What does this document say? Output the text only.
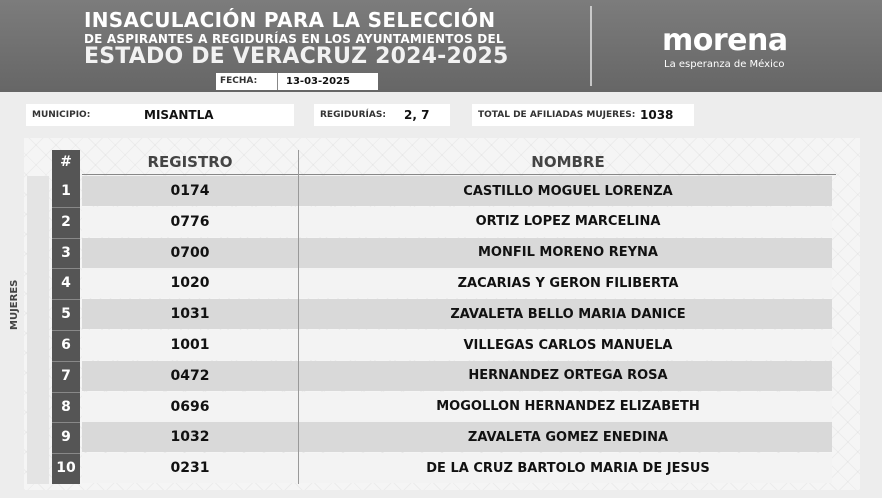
INSACULACIÓN PARA LA SELECCIÓN
DE ASPIRANTES A REGIDURÍAS EN LOS AYUNTAMIENTOS DEL
ESTADO DE VERACRUZ 2024-2025
FECHA:	13-03-2025
morena
La esperanza de México
MUNICIPIO:	MISANTLA	REGIDURÍAS:	2, 7	TOTAL DE AFILIADAS MUJERES: 1038
MUJERES
#	REGISTRO	NOMBRE
1	0174	CASTILLO MOGUEL LORENZA
2	0776	ORTIZ LOPEZ MARCELINA
3	0700	MONFIL MORENO REYNA
4	1020	ZACARIAS Y GERON FILIBERTA
5	1031	ZAVALETA BELLO MARIA DANICE
6	1001	VILLEGAS CARLOS MANUELA
7	0472	HERNANDEZ ORTEGA ROSA
8	0696	MOGOLLON HERNANDEZ ELIZABETH
9	1032	ZAVALETA GOMEZ ENEDINA
10	0231	DE LA CRUZ BARTOLO MARIA DE JESUS
